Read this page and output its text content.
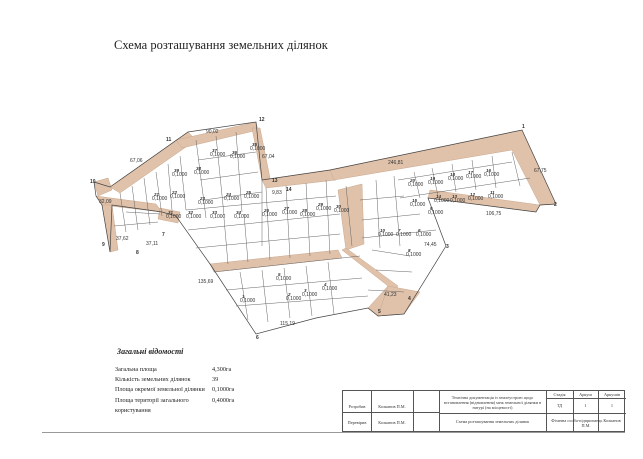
Схема розташування земельних ділянок
1
2
3
4
5
6
7
8
9
10
11
12
13
14
90,02
67,06
32,09
37,62
37,11
67,04
9,83
246,81
67,75
106,75
74,45
41,23
135,69
115,19
1
0,1000
2
0,1000
3
0,1000
4
0,1000
5
0,1000
6
0,1000
7
0,1000
8
0,1000
9
0,1000
10
0,1000
11
0,1000
12
0,1000
13
0,1000
14
0,1000
15
0,1000
16
0,1000
17
0,1000
18
0,1000
19
0,1000
20
0,1000
21
0,1000
22
0,1000	23
0,1000
24
0,1000
25
0,1000
26
0,1000
27
0,1000 28
0,1000
29
0,1000 30
0,1000
31
0,1000
32
0,1000
33
0,1000
34
0,1000
35
0,1000
36
0,1000
37
0,1000
38
0,1000
39
0,1000
Загальні відомості
Загальна площа	4,300га
Кількість земельних ділянок	39
Площа окремої земельної ділянки	0,1000га
Площа території загального користування
0,4000га
Розробив	Колканов П.М.
Перевірив	Колканов П.М.
Технічна документація із землеустрою щодо встановлення (відновлення) меж земельної ділянки в натурі (на місцевості)
Схема розташування земельних ділянок
Стадія
ТД
Аркуш
1
Аркушів
1
Фізична особа-підприємець Колканов П.М.
